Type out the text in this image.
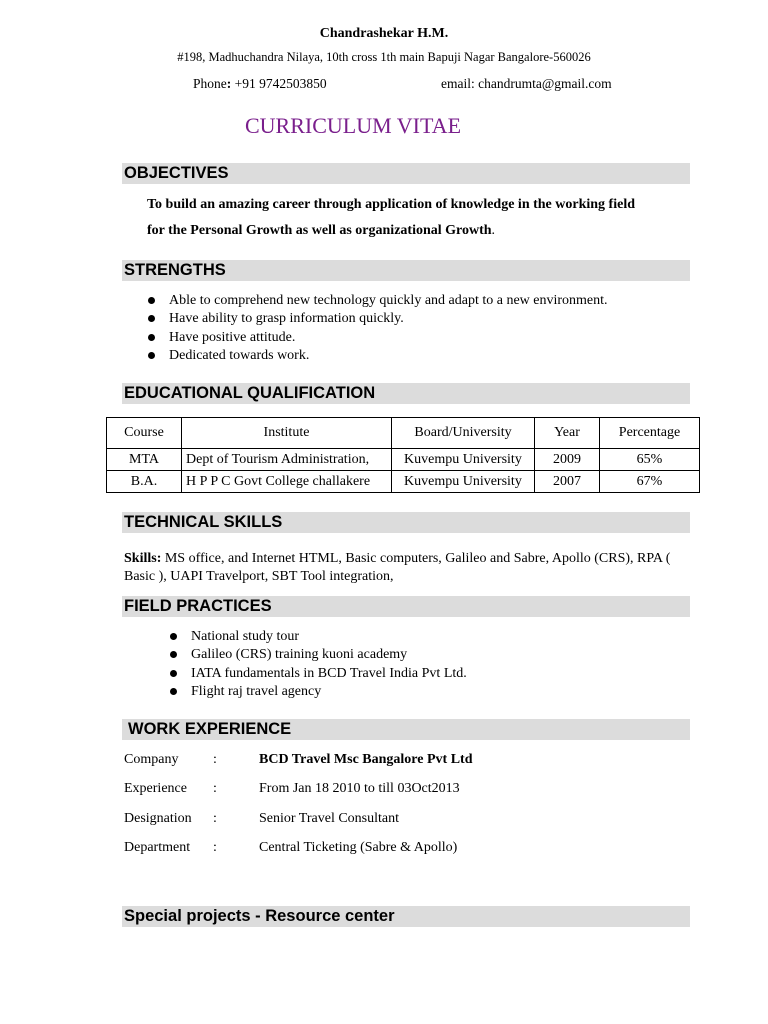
Chandrashekar H.M.
#198, Madhuchandra Nilaya, 10th cross 1th main Bapuji Nagar Bangalore-560026
Phone: +91 9742503850	email: chandrumta@gmail.com
CURRICULUM VITAE
OBJECTIVES
To build an amazing career through application of knowledge in the working field
for the Personal Growth as well as organizational Growth.
STRENGTHS
Able to comprehend new technology quickly and adapt to a new environment.
Have ability to grasp information quickly.
Have positive attitude.
Dedicated towards work.
EDUCATIONAL QUALIFICATION
Course	Institute	Board/University	Year	Percentage
MTA	Dept of Tourism Administration,	Kuvempu University	2009	65%
B.A.	H P P C Govt College challakere	Kuvempu University	2007	67%
TECHNICAL SKILLS
Skills: MS office, and Internet HTML, Basic computers, Galileo and Sabre, Apollo (CRS), RPA ( Basic ), UAPI Travelport, SBT Tool integration,
FIELD PRACTICES
National study tour
Galileo (CRS) training kuoni academy
IATA fundamentals in BCD Travel India Pvt Ltd.
Flight raj travel agency
WORK EXPERIENCE
Company :	BCD Travel Msc Bangalore Pvt Ltd
Experience :	From Jan 18 2010 to till 03Oct2013
Designation :	Senior Travel Consultant
Department :	Central Ticketing (Sabre & Apollo)
Special projects - Resource center
